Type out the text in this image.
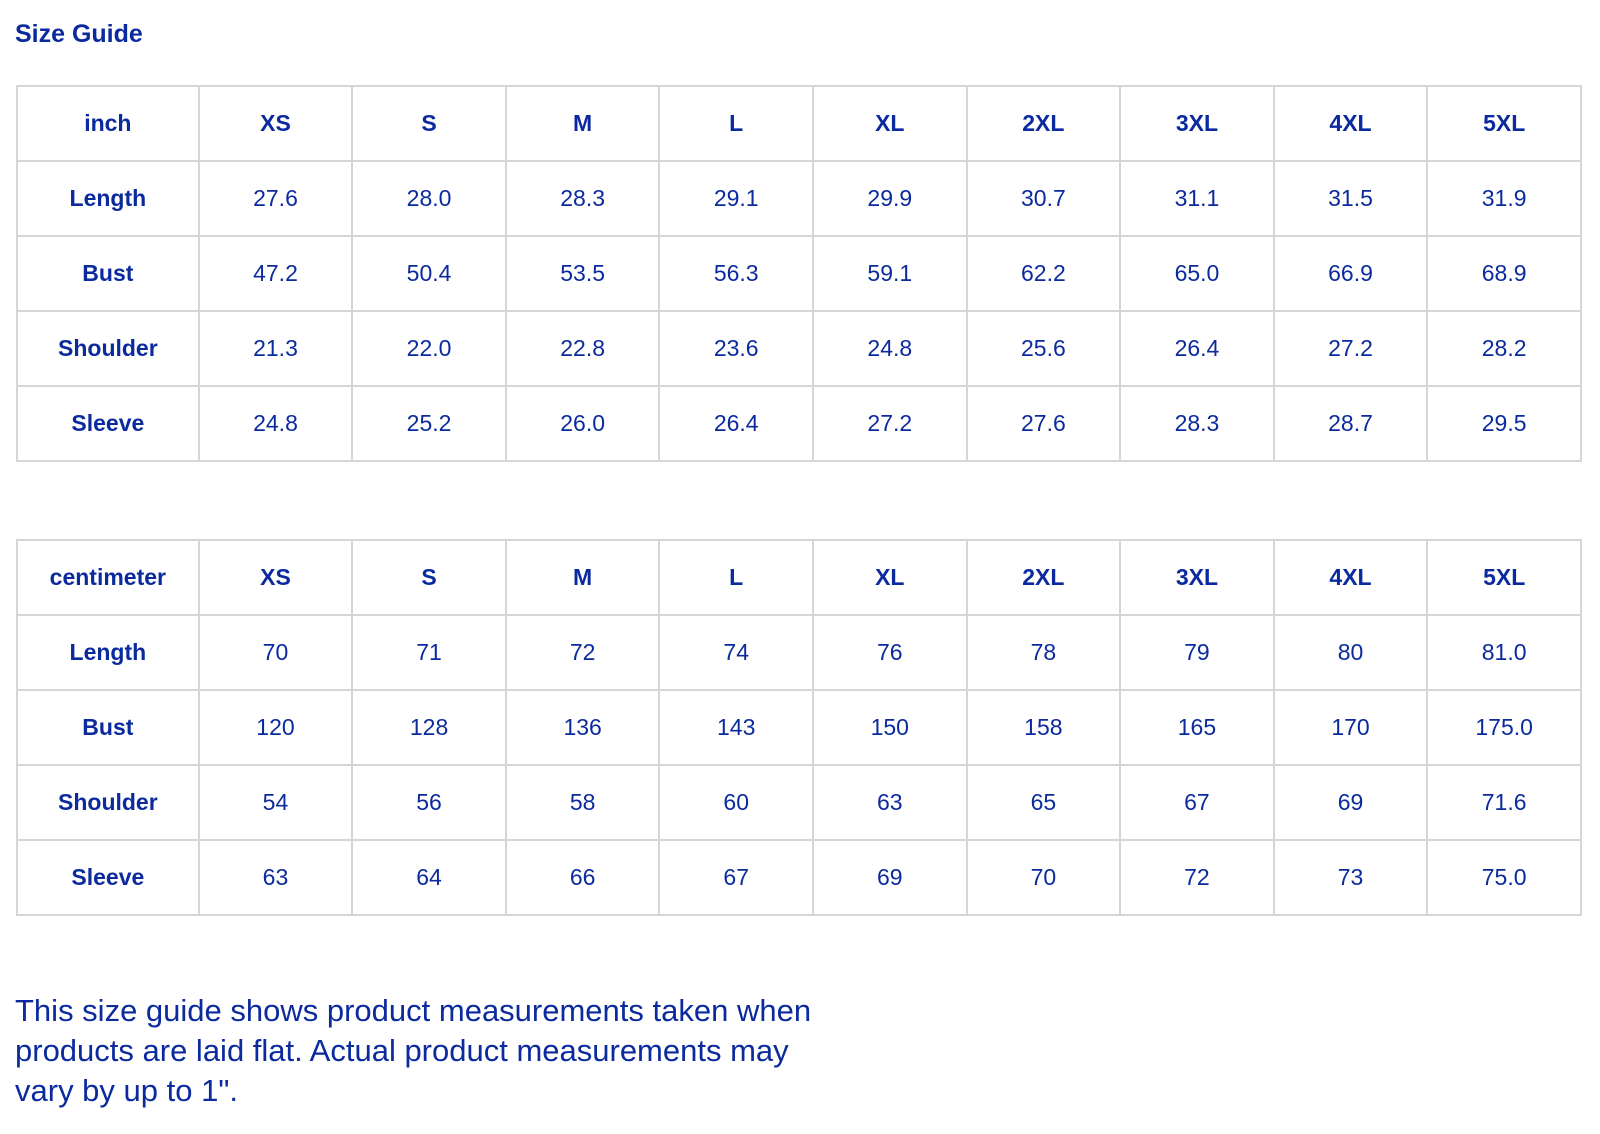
Size Guide
inch	XS	S	M	L	XL	2XL	3XL	4XL	5XL
Length	27.6	28.0	28.3	29.1	29.9	30.7	31.1	31.5	31.9
Bust	47.2	50.4	53.5	56.3	59.1	62.2	65.0	66.9	68.9
Shoulder	21.3	22.0	22.8	23.6	24.8	25.6	26.4	27.2	28.2
Sleeve	24.8	25.2	26.0	26.4	27.2	27.6	28.3	28.7	29.5
centimeter	XS	S	M	L	XL	2XL	3XL	4XL	5XL
Length	70	71	72	74	76	78	79	80	81.0
Bust	120	128	136	143	150	158	165	170	175.0
Shoulder	54	56	58	60	63	65	67	69	71.6
Sleeve	63	64	66	67	69	70	72	73	75.0
This size guide shows product measurements taken when products are laid flat. Actual product measurements may vary by up to 1".
